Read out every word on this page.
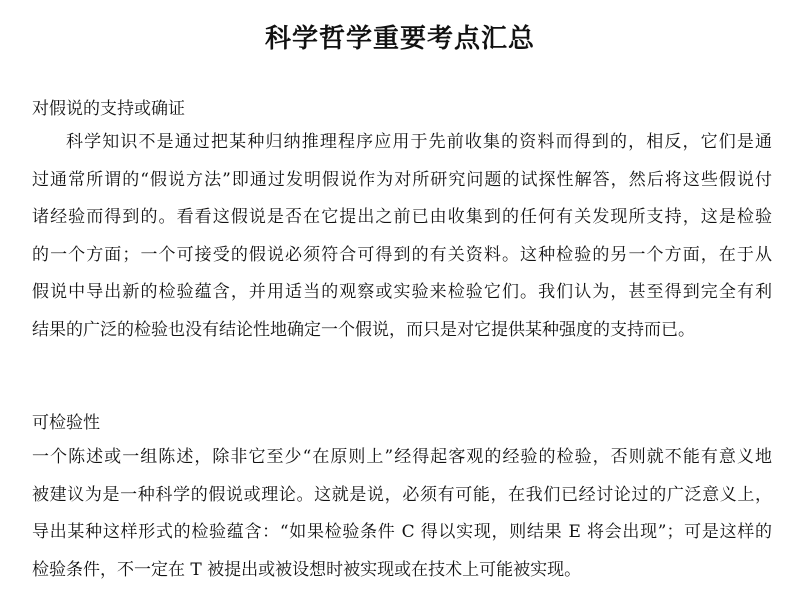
科学哲学重要考点汇总
对假说的支持或确证
科学知识不是通过把某种归纳推理程序应用于先前收集的资料而得到的，相反，它们是通
过通常所谓的“假说方法”即通过发明假说作为对所研究问题的试探性解答，然后将这些假说付
诸经验而得到的。看看这假说是否在它提出之前已由收集到的任何有关发现所支持，这是检验
的一个方面；一个可接受的假说必须符合可得到的有关资料。这种检验的另一个方面，在于从
假说中导出新的检验蕴含，并用适当的观察或实验来检验它们。我们认为，甚至得到完全有利
结果的广泛的检验也没有结论性地确定一个假说，而只是对它提供某种强度的支持而已。
可检验性
一个陈述或一组陈述，除非它至少“在原则上”经得起客观的经验的检验，否则就不能有意义地
被建议为是一种科学的假说或理论。这就是说，必须有可能，在我们已经讨论过的广泛意义上，
导出某种这样形式的检验蕴含：“如果检验条件 C 得以实现，则结果 E 将会出现”；可是这样的
检验条件，不一定在 T 被提出或被设想时被实现或在技术上可能被实现。
